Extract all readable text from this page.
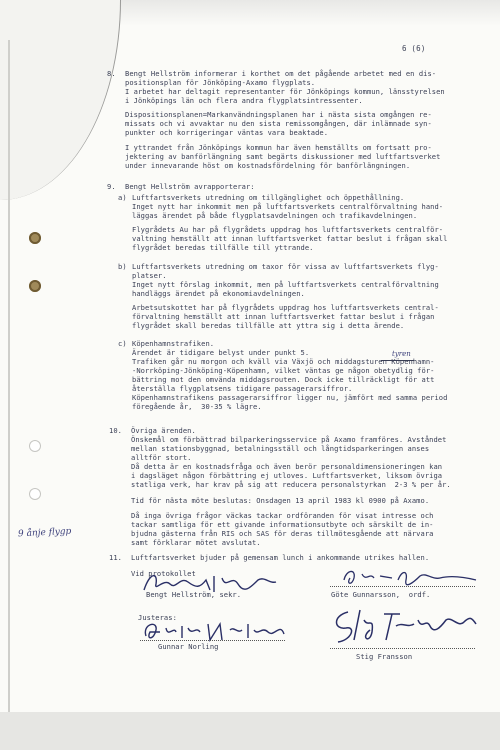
6 (6)
8. Bengt Hellström informerar i korthet om det pågående arbetet med en dis-
positionsplan för Jönköping-Axamo flygplats.
I arbetet har deltagit representanter för Jönköpings kommun, länsstyrelsen
i Jönköpings län och flera andra flygplatsintressenter.
Dispositionsplanen=Markanvändningsplanen har i nästa sista omgången re-
missats och vi avvaktar nu den sista remissomgången, där inlämnade syn-
punkter och korrigeringar väntas vara beaktade.
I yttrandet från Jönköpings kommun har även hemställts om fortsatt pro-
jektering av banförlängning samt begärts diskussioner med luftfartsverket
under innevarande höst om kostnadsfördelning för banförlängningen.
9. Bengt Hellström avrapporterar:
a) Luftfartsverkets utredning om tillgänglighet och öppethållning.
Inget nytt har inkommit men på luftfartsverkets centralförvaltning hand-
läggas ärendet på både flygplatsavdelningen och trafikavdelningen.
Flygrådets Au har på flygrådets uppdrag hos luftfartsverkets centralför-
valtning hemställt att innan luftfartsverket fattar beslut i frågan skall
flygrådet beredas tillfälle till yttrande.
b) Luftfartsverkets utredning om taxor för vissa av luftfartsverkets flyg-
platser.
Inget nytt förslag inkommit, men på luftfartsverkets centralförvaltning
handläggs ärendet på ekonomiavdelningen.
Arbetsutskottet har på flygrådets uppdrag hos luftfartsverkets central-
förvaltning hemställt att innan luftfartsverket fattar beslut i frågan
flygrådet skall beredas tillfälle att yttra sig i detta ärende.
c) Köpenhamnstrafiken.
Ärendet är tidigare belyst under punkt 5.
Trafiken går nu morgon och kväll via Växjö och middagsturen Köpenhamn-
-Norrköping-Jönköping-Köpenhamn, vilket väntas ge någon obetydlig för-
bättring mot den omvända middagsrouten. Dock icke tillräckligt för att
återställa flygplatsens tidigare passagerarsiffror.
Köpenhamnstrafikens passagerarsiffror ligger nu, jämfört med samma period
föregående år,  30-35 % lägre.
10. Övriga ärenden.
Önskemål om förbättrad bilparkeringsservice på Axamo framföres. Avståndet
mellan stationsbyggnad, betalningsställ och långtidsparkeringen anses
alltför stort.
Då detta är en kostnadsfråga och även berör personaldimensioneringen kan
i dagsläget någon förbättring ej utloves. Luftfartsverket, liksom övriga
statliga verk, har krav på sig att reducera personalstyrkan  2-3 % per år.
Tid för nästa möte beslutas: Onsdagen 13 april 1983 kl 0900 på Axamo.
Då inga övriga frågor väckas tackar ordföranden för visat intresse och
tackar samtliga för ett givande informationsutbyte och särskilt de in-
bjudna gästerna från RIS och SAS för deras tillmötesgående att närvara
samt förklarar mötet avslutat.
11. Luftfartsverket bjuder på gemensam lunch i ankommande utrikes hallen.
Vid protokollet
Bengt Hellström, sekr.	Göte Gunnarsson,  ordf.
Justeras:
Gunnar Norling
Stig Fransson
9 ånje flygp
tyren
